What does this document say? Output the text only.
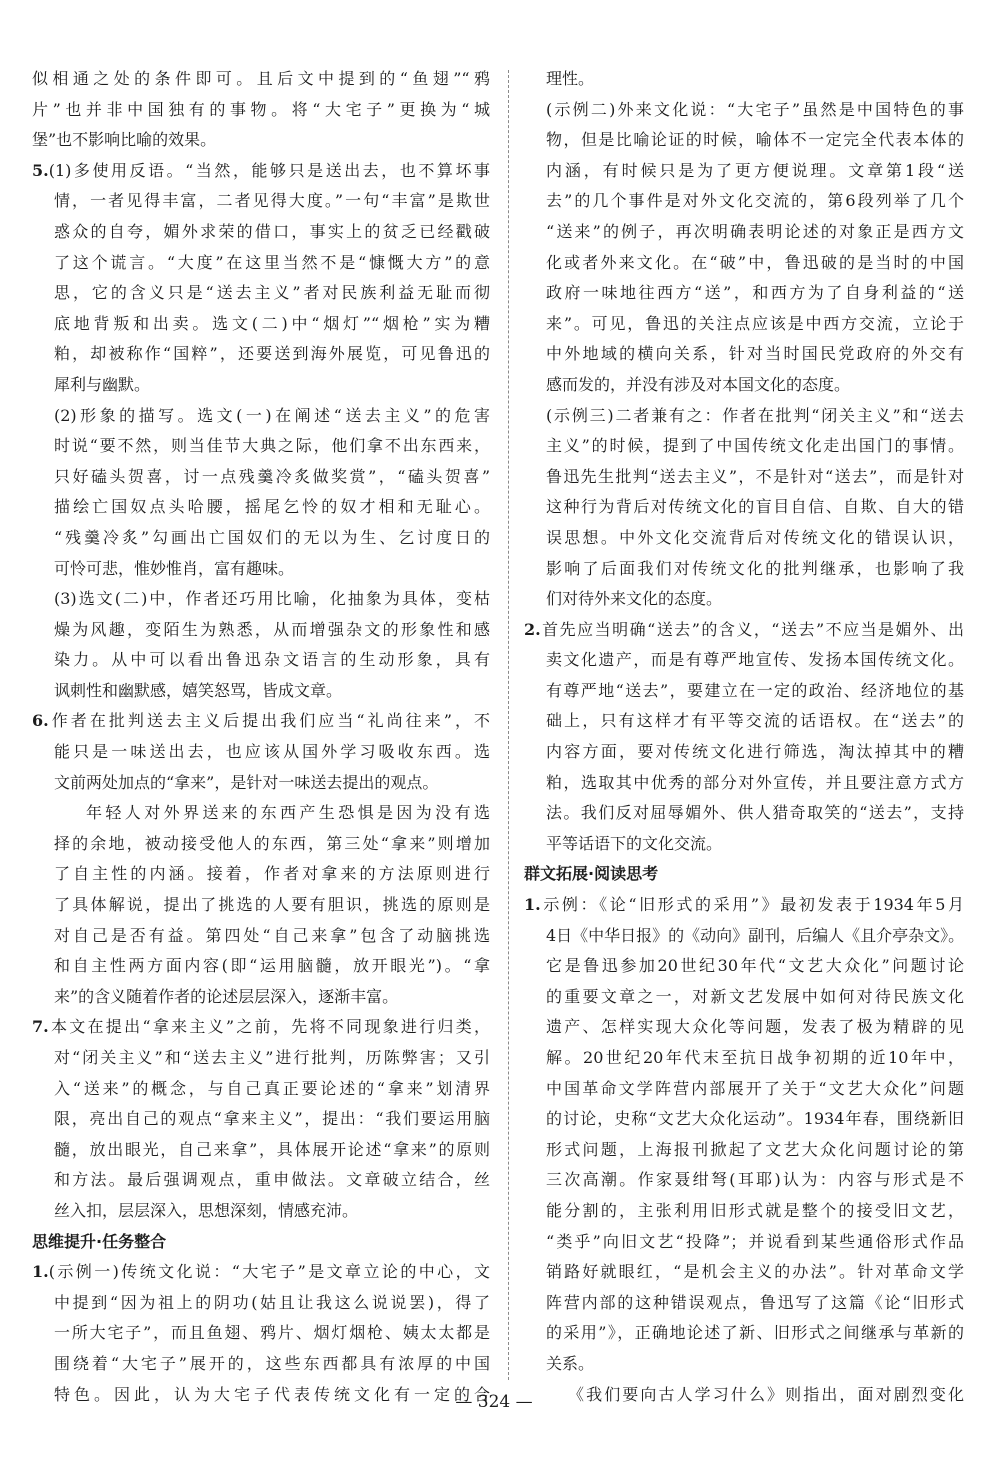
似相通之处的条件即可。且后文中提到的“鱼翅”“鸦
片”也并非中国独有的事物。将“大宅子”更换为“城
堡”也不影响比喻的效果。
5.(1)多使用反语。“当然，能够只是送出去，也不算坏事
情，一者见得丰富，二者见得大度。”一句“丰富”是欺世
惑众的自夸，媚外求荣的借口，事实上的贫乏已经戳破
了这个谎言。“大度”在这里当然不是“慷慨大方”的意
思，它的含义只是“送去主义”者对民族利益无耻而彻
底地背叛和出卖。选文(二)中“烟灯”“烟枪”实为糟
粕，却被称作“国粹”，还要送到海外展览，可见鲁迅的
犀利与幽默。
(2)形象的描写。选文(一)在阐述“送去主义”的危害
时说“要不然，则当佳节大典之际，他们拿不出东西来，
只好磕头贺喜，讨一点残羹冷炙做奖赏”，“磕头贺喜”
描绘亡国奴点头哈腰，摇尾乞怜的奴才相和无耻心。
“残羹冷炙”勾画出亡国奴们的无以为生、乞讨度日的
可怜可悲，惟妙惟肖，富有趣味。
(3)选文(二)中，作者还巧用比喻，化抽象为具体，变枯
燥为风趣，变陌生为熟悉，从而增强杂文的形象性和感
染力。从中可以看出鲁迅杂文语言的生动形象，具有
讽刺性和幽默感，嬉笑怒骂，皆成文章。
6.作者在批判送去主义后提出我们应当“礼尚往来”，不
能只是一味送出去，也应该从国外学习吸收东西。选
文前两处加点的“拿来”，是针对一味送去提出的观点。
年轻人对外界送来的东西产生恐惧是因为没有选
择的余地，被动接受他人的东西，第三处“拿来”则增加
了自主性的内涵。接着，作者对拿来的方法原则进行
了具体解说，提出了挑选的人要有胆识，挑选的原则是
对自己是否有益。第四处“自己来拿”包含了动脑挑选
和自主性两方面内容(即“运用脑髓，放开眼光”)。“拿
来”的含义随着作者的论述层层深入，逐渐丰富。
7.本文在提出“拿来主义”之前，先将不同现象进行归类，
对“闭关主义”和“送去主义”进行批判，历陈弊害；又引
入“送来”的概念，与自己真正要论述的“拿来”划清界
限，亮出自己的观点“拿来主义”，提出：“我们要运用脑
髓，放出眼光，自己来拿”，具体展开论述“拿来”的原则
和方法。最后强调观点，重申做法。文章破立结合，丝
丝入扣，层层深入，思想深刻，情感充沛。
思维提升·任务整合
1.(示例一)传统文化说：“大宅子”是文章立论的中心，文
中提到“因为祖上的阴功(姑且让我这么说说罢)，得了
一所大宅子”，而且鱼翅、鸦片、烟灯烟枪、姨太太都是
围绕着“大宅子”展开的，这些东西都具有浓厚的中国
特色。因此，认为大宅子代表传统文化有一定的合
理性。
(示例二)外来文化说：“大宅子”虽然是中国特色的事
物，但是比喻论证的时候，喻体不一定完全代表本体的
内涵，有时候只是为了更方便说理。文章第1段“送
去”的几个事件是对外文化交流的，第6段列举了几个
“送来”的例子，再次明确表明论述的对象正是西方文
化或者外来文化。在“破”中，鲁迅破的是当时的中国
政府一味地往西方“送”，和西方为了自身利益的“送
来”。可见，鲁迅的关注点应该是中西方交流，立论于
中外地域的横向关系，针对当时国民党政府的外交有
感而发的，并没有涉及对本国文化的态度。
(示例三)二者兼有之：作者在批判“闭关主义”和“送去
主义”的时候，提到了中国传统文化走出国门的事情。
鲁迅先生批判“送去主义”，不是针对“送去”，而是针对
这种行为背后对传统文化的盲目自信、自欺、自大的错
误思想。中外文化交流背后对传统文化的错误认识，
影响了后面我们对传统文化的批判继承，也影响了我
们对待外来文化的态度。
2.首先应当明确“送去”的含义，“送去”不应当是媚外、出
卖文化遗产，而是有尊严地宣传、发扬本国传统文化。
有尊严地“送去”，要建立在一定的政治、经济地位的基
础上，只有这样才有平等交流的话语权。在“送去”的
内容方面，要对传统文化进行筛选，淘汰掉其中的糟
粕，选取其中优秀的部分对外宣传，并且要注意方式方
法。我们反对屈辱媚外、供人猎奇取笑的“送去”，支持
平等话语下的文化交流。
群文拓展·阅读思考
1.示例：《论“旧形式的采用”》最初发表于1934年5月
4日《中华日报》的《动向》副刊，后编人《且介亭杂文》。
它是鲁迅参加20世纪30年代“文艺大众化”问题讨论
的重要文章之一，对新文艺发展中如何对待民族文化
遗产、怎样实现大众化等问题，发表了极为精辟的见
解。20世纪20年代末至抗日战争初期的近10年中，
中国革命文学阵营内部展开了关于“文艺大众化”问题
的讨论，史称“文艺大众化运动”。1934年春，围绕新旧
形式问题，上海报刊掀起了文艺大众化问题讨论的第
三次高潮。作家聂绀弩(耳耶)认为：内容与形式是不
能分割的，主张利用旧形式就是整个的接受旧文艺，
“类乎”向旧文艺“投降”；并说看到某些通俗形式作品
销路好就眼红，“是机会主义的办法”。针对革命文学
阵营内部的这种错误观点，鲁迅写了这篇《论“旧形式
的采用”》，正确地论述了新、旧形式之间继承与革新的
关系。
《我们要向古人学习什么》则指出，面对剧烈变化
— 324 —
